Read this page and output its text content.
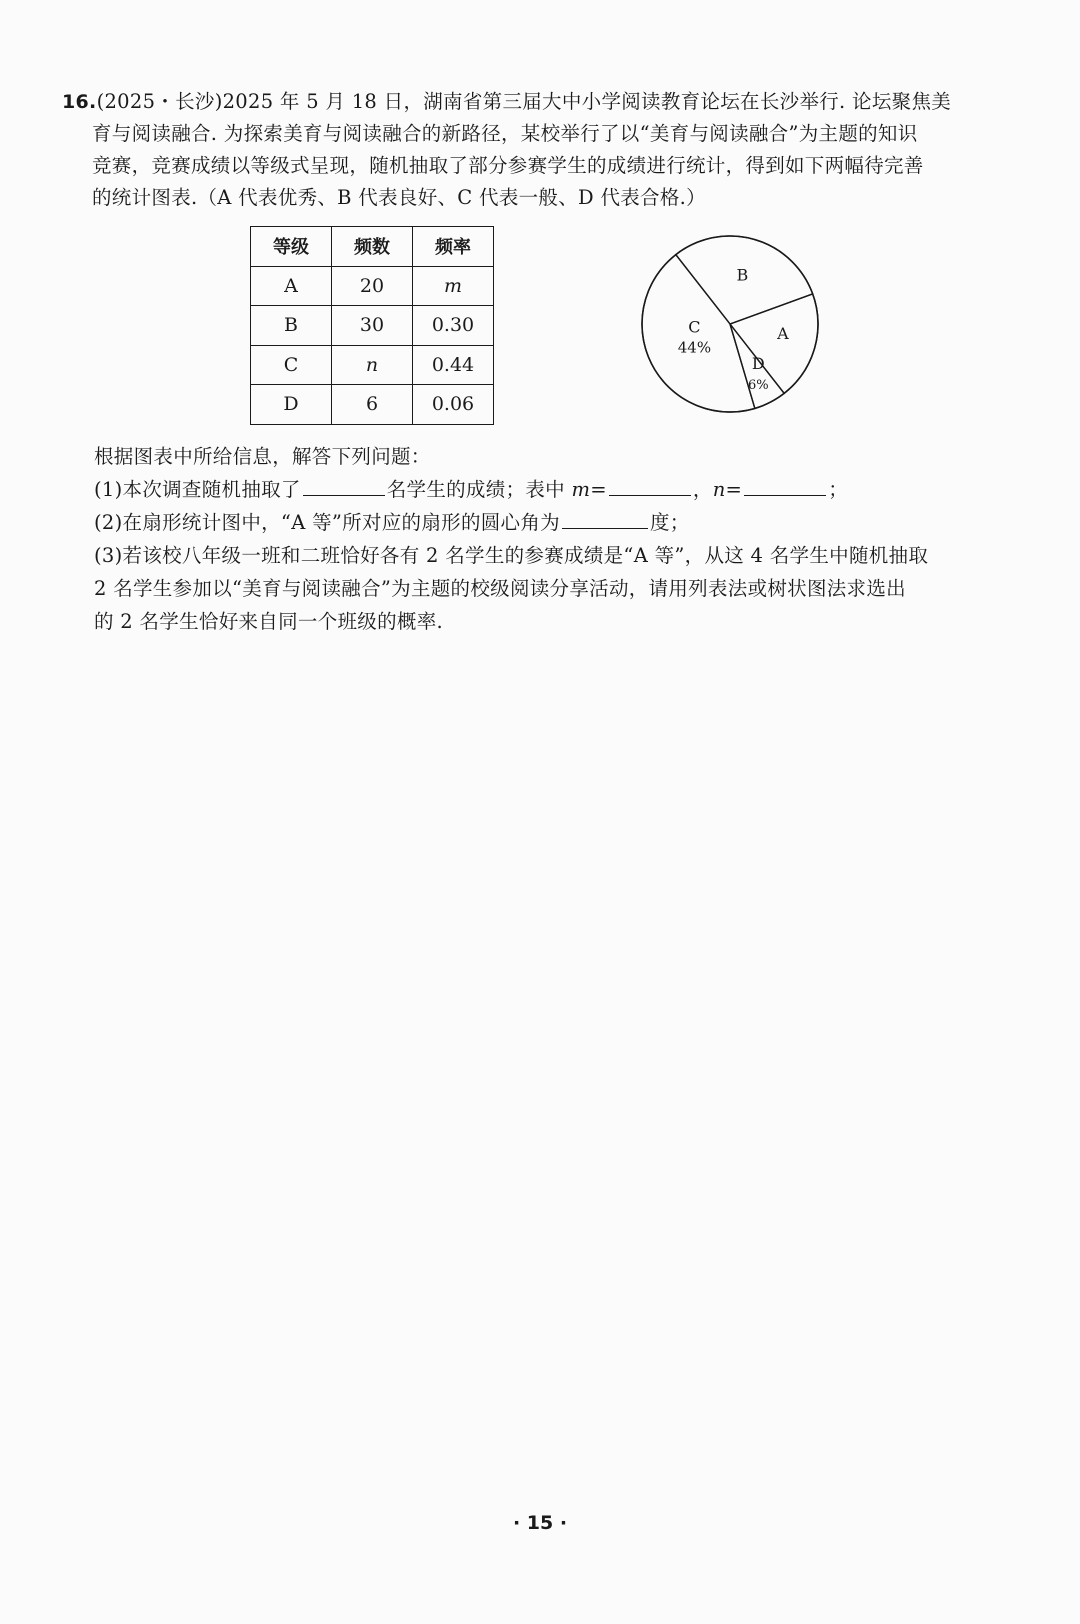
16.(2025・长沙)2025 年 5 月 18 日，湖南省第三届大中小学阅读教育论坛在长沙举行. 论坛聚焦美
育与阅读融合. 为探索美育与阅读融合的新路径，某校举行了以“美育与阅读融合”为主题的知识
竞赛，竞赛成绩以等级式呈现，随机抽取了部分参赛学生的成绩进行统计，得到如下两幅待完善
的统计图表.（A 代表优秀、B 代表良好、C 代表一般、D 代表合格.）
等级	频数	频率
A	20	m
B	30	0.30
C	n	0.44
D	6	0.06
A
D
6%
C
44%
B
根据图表中所给信息，解答下列问题：
(1)本次调查随机抽取了	名学生的成绩；表中 m=	，n=	；
(2)在扇形统计图中，“A 等”所对应的扇形的圆心角为	度；
(3)若该校八年级一班和二班恰好各有 2 名学生的参赛成绩是“A 等”，从这 4 名学生中随机抽取
2 名学生参加以“美育与阅读融合”为主题的校级阅读分享活动，请用列表法或树状图法求选出
的 2 名学生恰好来自同一个班级的概率.
· 15 ·
